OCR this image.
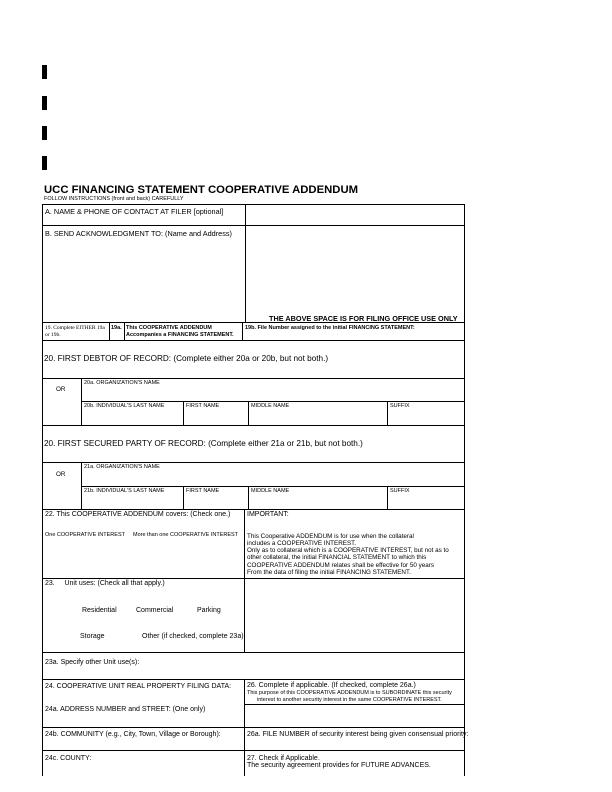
UCC FINANCING STATEMENT COOPERATIVE ADDENDUM
FOLLOW INSTRUCTIONS (front and back) CAREFULLY
A. NAME & PHONE OF CONTACT AT FILER [optional]
B. SEND ACKNOWLEDGMENT TO: (Name and Address)
THE ABOVE SPACE IS FOR FILING OFFICE USE ONLY
19. Complete EITHER 19a or 19b.
19a. This COOPERATIVE ADDENDUM Accompanies a FINANCING STATEMENT.
19b. File Number assigned to the initial FINANCING STATEMENT:
20. FIRST DEBTOR OF RECORD: (Complete either 20a or 20b, but not both.)
OR
20a. ORGANIZATION'S NAME
20b. INDIVIDUAL'S LAST NAME	FIRST NAME	MIDDLE NAME	SUFFIX
20. FIRST SECURED PARTY OF RECORD: (Complete either 21a or 21b, but not both.)
OR
21a. ORGANIZATION'S NAME
21b. INDIVIDUAL'S LAST NAME	FIRST NAME	MIDDLE NAME	SUFFIX
22. This COOPERATIVE ADDENDUM covers: (Check one.)
One COOPERATIVE INTEREST More than one COOPERATIVE INTEREST
IMPORTANT:
This Cooperative ADDENDUM is for use when the collateral
includes a COOPERATIVE INTEREST.
Only as to collateral which is a COOPERATIVE INTEREST, but not as to
other collateral, the initial FINANCIAL STATEMENT to which this
COOPERATIVE ADDENDUM relates shall be effective for 50 years
From the data of filing the initial FINANCING STATEMENT.
23.     Unit uses: (Check all that apply.)
Residential	Commercial	Parking
Storage	Other (if checked, complete 23a).
23a. Specify other Unit use(s):
24. COOPERATIVE UNIT REAL PROPERTY FILING DATA: 26. Complete if applicable. (If checked, complete 26a.)
This purpose of this COOPERATIVE ADDENDUM is to SUBORDINATE this security
interest to another security interest in the same COOPERATIVE INTEREST.
24a. ADDRESS NUMBER and STREET: (One only)
24b. COMMUNITY (e.g., City, Town, Village or Borough):	26a. FILE NUMBER of security interest being given consensual priority:
24c. COUNTY:	27. Check if Applicable.
The security agreement provides for FUTURE ADVANCES.
